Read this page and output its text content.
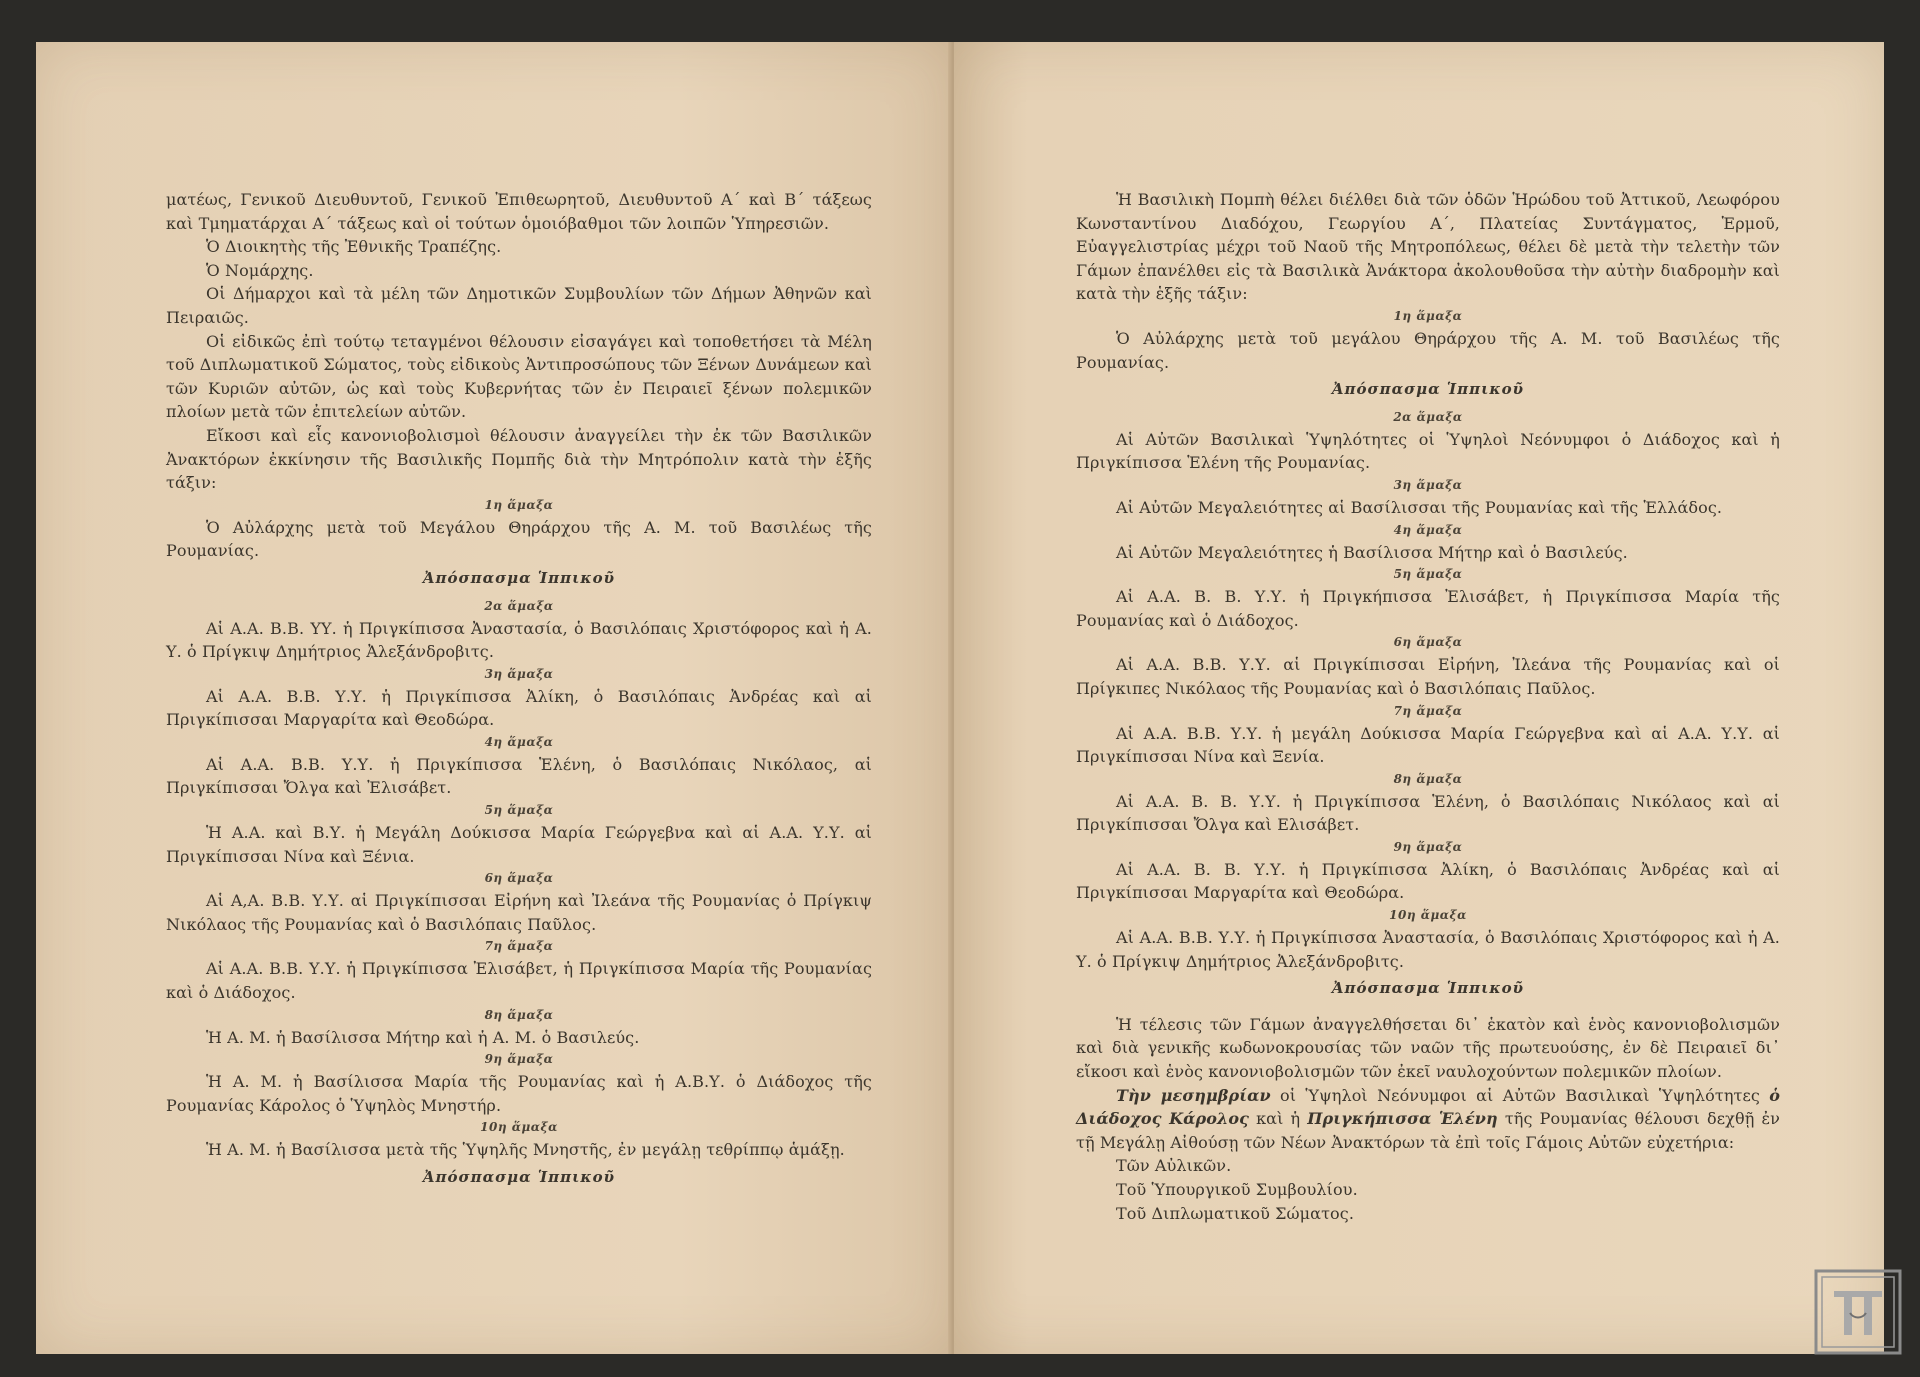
ματέως, Γενικοῦ Διευθυντοῦ, Γενικοῦ Ἐπιθεωρητοῦ, Διευθυντοῦ Α΄ καὶ Β΄ τάξεως καὶ Τμηματάρχαι Α΄ τάξεως καὶ οἱ τούτων ὁμοιόβαθμοι τῶν λοιπῶν Ὑπηρεσιῶν.

Ὁ Διοικητὴς τῆς Ἐθνικῆς Τραπέζης.

Ὁ Νομάρχης.

Οἱ Δήμαρχοι καὶ τὰ μέλη τῶν Δημοτικῶν Συμβουλίων τῶν Δήμων Ἀθηνῶν καὶ Πειραιῶς.

Οἱ εἰδικῶς ἐπὶ τούτῳ τεταγμένοι θέλουσιν εἰσαγάγει καὶ τοποθετήσει τὰ Μέλη τοῦ Διπλωματικοῦ Σώματος, τοὺς εἰδικοὺς Ἀντιπροσώπους τῶν Ξένων Δυνάμεων καὶ τῶν Κυριῶν αὐτῶν, ὡς καὶ τοὺς Κυβερνήτας τῶν ἐν Πειραιεῖ ξένων πολεμικῶν πλοίων μετὰ τῶν ἐπιτελείων αὐτῶν.

Εἴκοσι καὶ εἷς κανονιοβολισμοὶ θέλουσιν ἀναγγείλει τὴν ἐκ τῶν Βασιλικῶν Ἀνακτόρων ἐκκίνησιν τῆς Βασιλικῆς Πομπῆς διὰ τὴν Μητρόπολιν κατὰ τὴν ἑξῆς τάξιν:

1η ἅμαξα

Ὁ Αὐλάρχης μετὰ τοῦ Μεγάλου Θηράρχου τῆς Α. Μ. τοῦ Βασιλέως τῆς Ρουμανίας.

Ἀπόσπασμα Ἱππικοῦ
2α ἅμαξα

Αἱ Α.Α. Β.Β. ΥΥ. ἡ Πριγκίπισσα Ἀναστασία, ὁ Βασιλόπαις Χριστόφορος καὶ ἡ Α. Υ. ὁ Πρίγκιψ Δημήτριος Ἀλεξάνδροβιτς.

3η ἅμαξα

Αἱ Α.Α. Β.Β. Υ.Υ. ἡ Πριγκίπισσα Ἀλίκη, ὁ Βασιλόπαις Ἀνδρέας καὶ αἱ Πριγκίπισσαι Μαργαρίτα καὶ Θεοδώρα.

4η ἅμαξα

Αἱ Α.Α. Β.Β. Υ.Υ. ἡ Πριγκίπισσα Ἑλένη, ὁ Βασιλόπαις Νικόλαος, αἱ Πριγκίπισσαι Ὄλγα καὶ Ἐλισάβετ.

5η ἅμαξα

Ἡ Α.Α. καὶ Β.Υ. ἡ Μεγάλη Δούκισσα Μαρία Γεώργεβνα καὶ αἱ Α.Α. Υ.Υ. αἱ Πριγκίπισσαι Νίνα καὶ Ξένια.

6η ἅμαξα

Αἱ Α,Α. Β.Β. Υ.Υ. αἱ Πριγκίπισσαι Εἰρήνη καὶ Ἰλεάνα τῆς Ρουμανίας ὁ Πρίγκιψ Νικόλαος τῆς Ρουμανίας καὶ ὁ Βασιλόπαις Παῦλος.

7η ἅμαξα

Αἱ Α.Α. Β.Β. Υ.Υ. ἡ Πριγκίπισσα Ἐλισάβετ, ἡ Πριγκίπισσα Μαρία τῆς Ρουμανίας καὶ ὁ Διάδοχος.

8η ἅμαξα

Ἡ Α. Μ. ἡ Βασίλισσα Μήτηρ καὶ ἡ Α. Μ. ὁ Βασιλεύς.

9η ἅμαξα

Ἡ Α. Μ. ἡ Βασίλισσα Μαρία τῆς Ρουμανίας καὶ ἡ Α.Β.Υ. ὁ Διάδοχος τῆς Ρουμανίας Κάρολος ὁ Ὑψηλὸς Μνηστήρ.

10η ἅμαξα

Ἡ Α. Μ. ἡ Βασίλισσα μετὰ τῆς Ὑψηλῆς Μνηστῆς, ἐν μεγάλῃ τεθρίππῳ ἁμάξῃ.

Ἀπόσπασμα Ἱππικοῦ

Ἡ Βασιλικὴ Πομπὴ θέλει διέλθει διὰ τῶν ὁδῶν Ἡρώδου τοῦ Ἀττικοῦ, Λεωφόρου Κωνσταντίνου Διαδόχου, Γεωργίου Α΄, Πλατείας Συντάγματος, Ἑρμοῦ, Εὐαγγελιστρίας μέχρι τοῦ Ναοῦ τῆς Μητροπόλεως, θέλει δὲ μετὰ τὴν τελετὴν τῶν Γάμων ἐπανέλθει εἰς τὰ Βασιλικὰ Ἀνάκτορα ἀκολουθοῦσα τὴν αὐτὴν διαδρομὴν καὶ κατὰ τὴν ἑξῆς τάξιν:

1η ἅμαξα

Ὁ Αὐλάρχης μετὰ τοῦ μεγάλου Θηράρχου τῆς Α. Μ. τοῦ Βασιλέως τῆς Ρουμανίας.

Ἀπόσπασμα Ἱππικοῦ
2α ἅμαξα

Αἱ Αὐτῶν Βασιλικαὶ Ὑψηλότητες οἱ Ὑψηλοὶ Νεόνυμφοι ὁ Διάδοχος καὶ ἡ Πριγκίπισσα Ἑλένη τῆς Ρουμανίας.

3η ἅμαξα

Αἱ Αὐτῶν Μεγαλειότητες αἱ Βασίλισσαι τῆς Ρουμανίας καὶ τῆς Ἑλλάδος.

4η ἅμαξα

Αἱ Αὐτῶν Μεγαλειότητες ἡ Βασίλισσα Μήτηρ καὶ ὁ Βασιλεύς.

5η ἅμαξα

Αἱ Α.Α. Β. Β. Υ.Υ. ἡ Πριγκήπισσα Ἐλισάβετ, ἡ Πριγκίπισσα Μαρία τῆς Ρουμανίας καὶ ὁ Διάδοχος.

6η ἅμαξα

Αἱ Α.Α. Β.Β. Υ.Υ. αἱ Πριγκίπισσαι Εἰρήνη, Ἰλεάνα τῆς Ρουμανίας καὶ οἱ Πρίγκιπες Νικόλαος τῆς Ρουμανίας καὶ ὁ Βασιλόπαις Παῦλος.

7η ἅμαξα

Αἱ Α.Α. Β.Β. Υ.Υ. ἡ μεγάλη Δούκισσα Μαρία Γεώργεβνα καὶ αἱ Α.Α. Υ.Υ. αἱ Πριγκίπισσαι Νίνα καὶ Ξενία.

8η ἅμαξα

Αἱ Α.Α. Β. Β. Υ.Υ. ἡ Πριγκίπισσα Ἑλένη, ὁ Βασιλόπαις Νικόλαος καὶ αἱ Πριγκίπισσαι Ὄλγα καὶ Ελισάβετ.

9η ἅμαξα

Αἱ Α.Α. Β. Β. Υ.Υ. ἡ Πριγκίπισσα Ἀλίκη, ὁ Βασιλόπαις Ἀνδρέας καὶ αἱ Πριγκίπισσαι Μαργαρίτα καὶ Θεοδώρα.

10η ἅμαξα

Αἱ Α.Α. Β.Β. Υ.Υ. ἡ Πριγκίπισσα Ἀναστασία, ὁ Βασιλόπαις Χριστόφορος καὶ ἡ Α. Υ. ὁ Πρίγκιψ Δημήτριος Ἀλεξάνδροβιτς.

Ἀπόσπασμα Ἱππικοῦ

Ἡ τέλεσις τῶν Γάμων ἀναγγελθήσεται δι᾽ ἑκατὸν καὶ ἑνὸς κανονιοβολισμῶν καὶ διὰ γενικῆς κωδωνοκρουσίας τῶν ναῶν τῆς πρωτευούσης, ἐν δὲ Πειραιεῖ δι᾽ εἴκοσι καὶ ἑνὸς κανονιοβολισμῶν τῶν ἐκεῖ ναυλοχούντων πολεμικῶν πλοίων.

Τὴν μεσημβρίαν οἱ Ὑψηλοὶ Νεόνυμφοι αἱ Αὐτῶν Βασιλικαὶ Ὑψηλότητες ὁ Διάδοχος Κάρολος καὶ ἡ Πριγκήπισσα Ἑλένη τῆς Ρουμανίας θέλουσι δεχθῇ ἐν τῇ Μεγάλῃ Αἰθούσῃ τῶν Νέων Ἀνακτόρων τὰ ἐπὶ τοῖς Γάμοις Αὐτῶν εὐχετήρια:

Τῶν Αὐλικῶν.

Τοῦ Ὑπουργικοῦ Συμβουλίου.

Τοῦ Διπλωματικοῦ Σώματος.
